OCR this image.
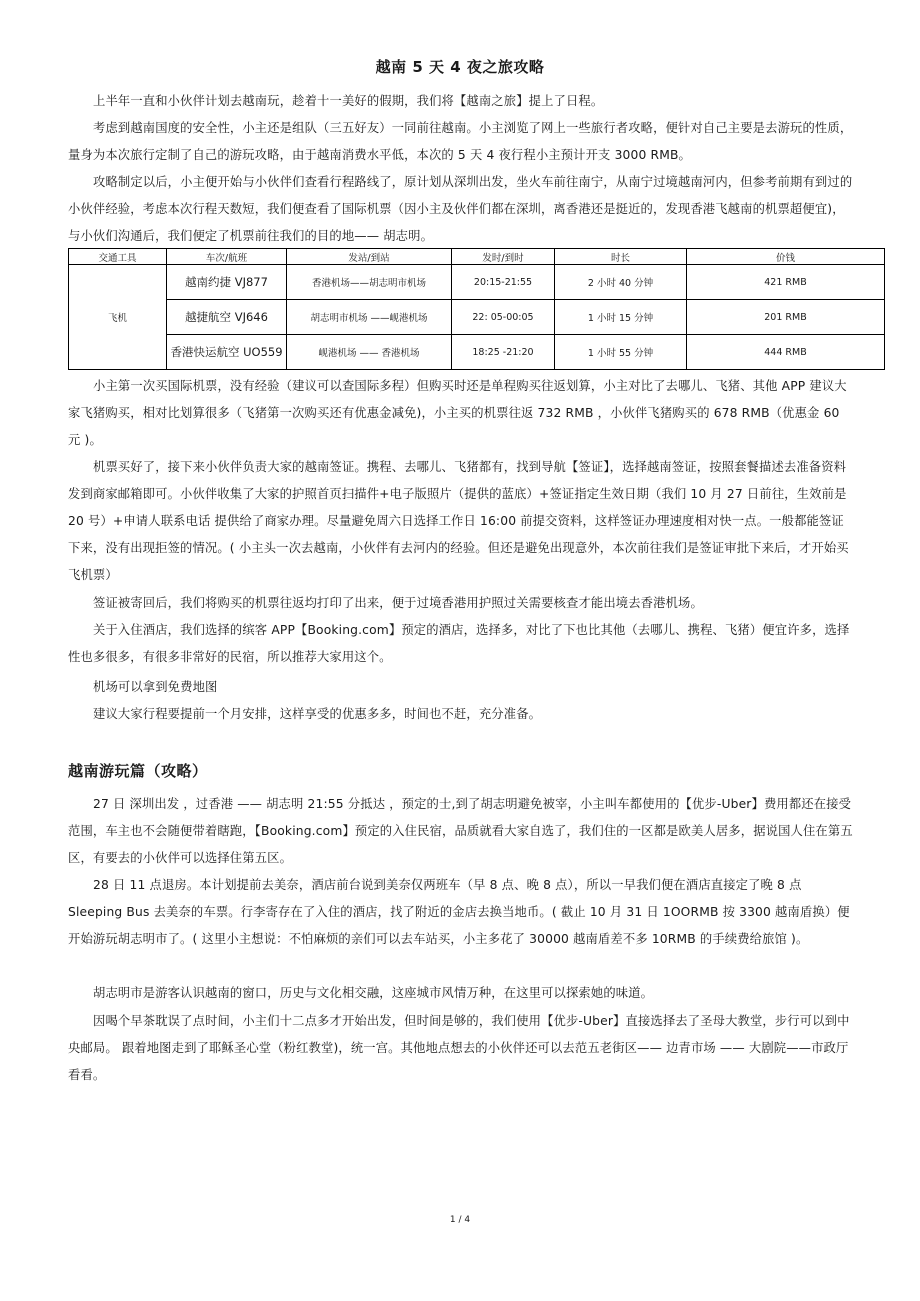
越南 5 天 4 夜之旅攻略

上半年一直和小伙伴计划去越南玩，趁着十一美好的假期，我们将【越南之旅】提上了日程。

考虑到越南国度的安全性，小主还是组队（三五好友）一同前往越南。小主浏览了网上一些旅行者攻略，便针对自己主要是去游玩的性质，量身为本次旅行定制了自己的游玩攻略，由于越南消费水平低，本次的 5 天 4 夜行程小主预计开支 3000 RMB。

攻略制定以后，小主便开始与小伙伴们查看行程路线了，原计划从深圳出发，坐火车前往南宁，从南宁过境越南河内，但参考前期有到过的小伙伴经验，考虑本次行程天数短，我们便查看了国际机票（因小主及伙伴们都在深圳，离香港还是挺近的，发现香港飞越南的机票超便宜)，与小伙们沟通后，我们便定了机票前往我们的目的地—— 胡志明。

交通工具	车次/航班	发站/到站	发时/到时	时长	价钱
飞机	越南约捷 VJ877	香港机场——胡志明市机场	20:15-21:55	2 小时 40 分钟	421 RMB
	越捷航空 VJ646	胡志明市机场 ——岘港机场	22: 05-00:05	1 小时 15 分钟	201 RMB
	香港快运航空 UO559	岘港机场 —— 香港机场	18:25 -21:20	1 小时 55 分钟	444 RMB

小主第一次买国际机票，没有经验（建议可以查国际多程）但购买时还是单程购买往返划算，小主对比了去哪儿、飞猪、其他 APP 建议大家飞猪购买，相对比划算很多（飞猪第一次购买还有优惠金减免)，小主买的机票往返 732 RMB ，小伙伴飞猪购买的 678 RMB（优惠金 60 元 )。

机票买好了，接下来小伙伴负责大家的越南签证。携程、去哪儿、飞猪都有，找到导航【签证】，选择越南签证，按照套餐描述去准备资料发到商家邮箱即可。小伙伴收集了大家的护照首页扫描件+电子版照片（提供的蓝底）+签证指定生效日期（我们 10 月 27 日前往，生效前是 20 号）+申请人联系电话 提供给了商家办理。尽量避免周六日选择工作日 16:00 前提交资料，这样签证办理速度相对快一点。一般都能签证下来，没有出现拒签的情况。( 小主头一次去越南，小伙伴有去河内的经验。但还是避免出现意外，本次前往我们是签证审批下来后，才开始买飞机票）

签证被寄回后，我们将购买的机票往返均打印了出来，便于过境香港用护照过关需要核查才能出境去香港机场。

关于入住酒店，我们选择的缤客 APP【Booking.com】预定的酒店，选择多，对比了下也比其他（去哪儿、携程、飞猪）便宜许多，选择性也多很多，有很多非常好的民宿，所以推荐大家用这个。

机场可以拿到免费地图

建议大家行程要提前一个月安排，这样享受的优惠多多，时间也不赶，充分准备。

越南游玩篇（攻略）

27 日 深圳出发 ，过香港 —— 胡志明 21:55 分抵达 ，预定的士,到了胡志明避免被宰，小主叫车都使用的【优步-Uber】费用都还在接受范围，车主也不会随便带着瞎跑，【Booking.com】预定的入住民宿，品质就看大家自选了，我们住的一区都是欧美人居多，据说国人住在第五区，有要去的小伙伴可以选择住第五区。

28 日 11 点退房。本计划提前去美奈，酒店前台说到美奈仅两班车（早 8 点、晚 8 点），所以一早我们便在酒店直接定了晚 8 点 Sleeping Bus 去美奈的车票。行李寄存在了入住的酒店，找了附近的金店去换当地币。( 截止 10 月 31 日 1OORMB 按 3300 越南盾换）便开始游玩胡志明市了。( 这里小主想说：不怕麻烦的亲们可以去车站买，小主多花了 30000 越南盾差不多 10RMB 的手续费给旅馆 )。

胡志明市是游客认识越南的窗口，历史与文化相交融，这座城市风情万种，在这里可以探索她的味道。

因喝个早茶耽误了点时间，小主们十二点多才开始出发，但时间是够的，我们使用【优步-Uber】直接选择去了圣母大教堂，步行可以到中央邮局。 跟着地图走到了耶稣圣心堂（粉红教堂)，统一宫。其他地点想去的小伙伴还可以去范五老街区—— 边青市场 —— 大剧院——市政厅看看。

1 / 4
